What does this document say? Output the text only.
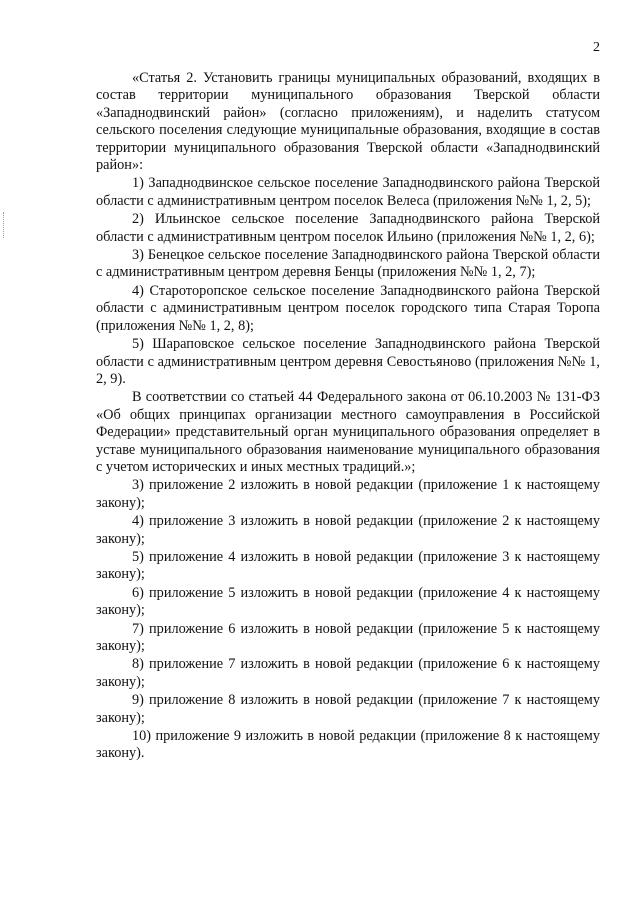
2

«Статья 2. Установить границы муниципальных образований, входящих в состав территории муниципального образования Тверской области «Западнодвинский район» (согласно приложениям), и наделить статусом сельского поселения следующие муниципальные образования, входящие в состав территории муниципального образования Тверской области «Западнодвинский район»:

1) Западнодвинское сельское поселение Западнодвинского района Тверской области с административным центром поселок Велеса (приложения №№ 1, 2, 5);

2) Ильинское сельское поселение Западнодвинского района Тверской области с административным центром поселок Ильино (приложения №№ 1, 2, 6);

3) Бенецкое сельское поселение Западнодвинского района Тверской области с административным центром деревня Бенцы (приложения №№ 1, 2, 7);

4) Старотoропское сельское поселение Западнодвинского района Тверской области с административным центром поселок городского типа Старая Торопа (приложения №№ 1, 2, 8);

5) Шараповское сельское поселение Западнодвинского района Тверской области с административным центром деревня Севостьяново (приложения №№ 1, 2, 9).

В соответствии со статьей 44 Федерального закона от 06.10.2003 № 131-ФЗ «Об общих принципах организации местного самоуправления в Российской Федерации» представительный орган муниципального образования определяет в уставе муниципального образования наименование муниципального образования с учетом исторических и иных местных традиций.»;

3) приложение 2 изложить в новой редакции (приложение 1 к настоящему закону);

4) приложение 3 изложить в новой редакции (приложение 2 к настоящему закону);

5) приложение 4 изложить в новой редакции (приложение 3 к настоящему закону);

6) приложение 5 изложить в новой редакции (приложение 4 к настоящему закону);

7) приложение 6 изложить в новой редакции (приложение 5 к настоящему закону);

8) приложение 7 изложить в новой редакции (приложение 6 к настоящему закону);

9) приложение 8 изложить в новой редакции (приложение 7 к настоящему закону);

10) приложение 9 изложить в новой редакции (приложение 8 к настоящему закону).
